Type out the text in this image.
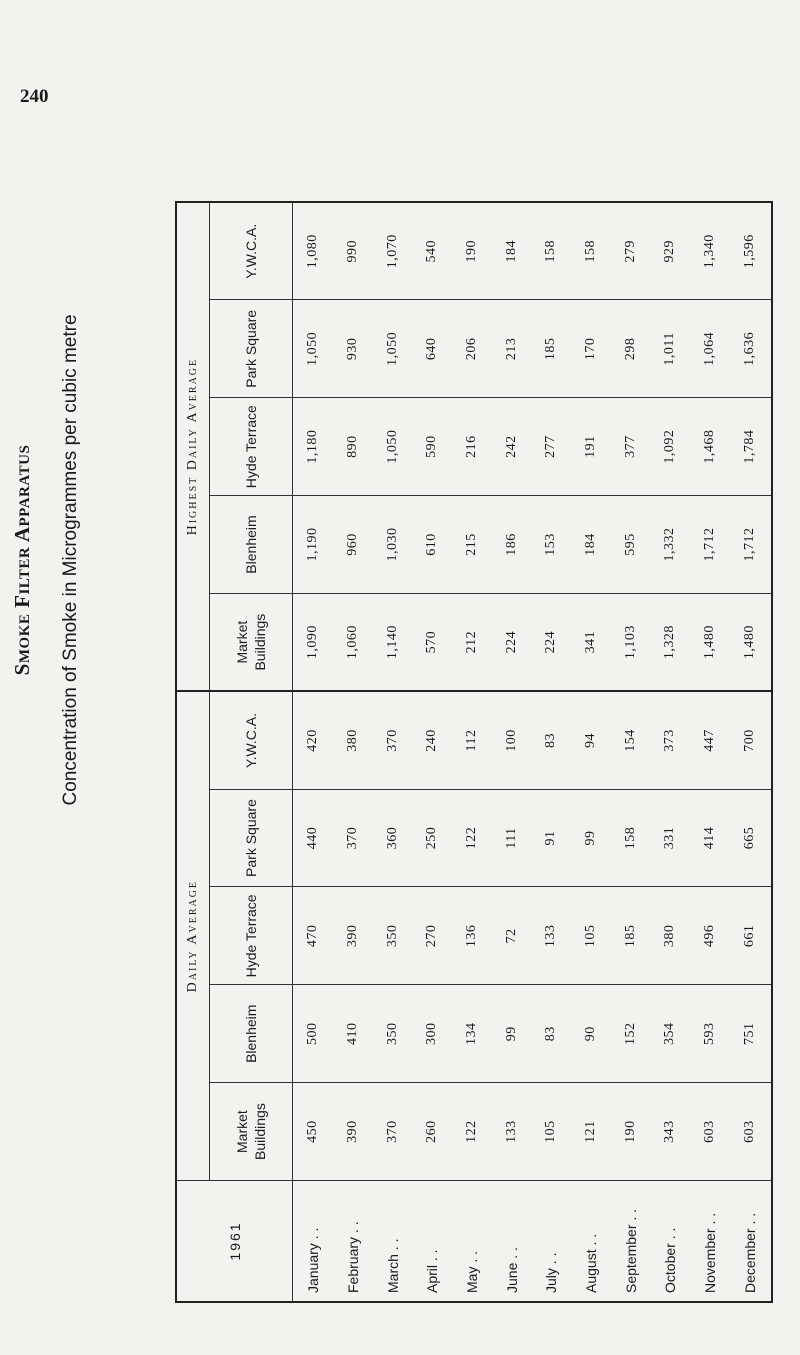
240
Smoke Filter Apparatus Concentration of Smoke in Microgrammes per cubic metre
1961	Daily Average					Highest Daily Average				
	Market Buildings	Blenheim	Hyde Terrace	Park Square	Y.W.C.A.	Market Buildings	Blenheim	Hyde Terrace	Park Square	Y.W.C.A.
January . .	450	500	470	440	420	1,090	1,190	1,180	1,050	1,080
February . .	390	410	390	370	380	1,060	960	890	930	990
March . .	370	350	350	360	370	1,140	1,030	1,050	1,050	1,070
April . .	260	300	270	250	240	570	610	590	640	540
May . .	122	134	136	122	112	212	215	216	206	190
June . .	133	99	72	111	100	224	186	242	213	184
July . .	105	83	133	91	83	224	153	277	185	158
August . .	121	90	105	99	94	341	184	191	170	158
September . .	190	152	185	158	154	1,103	595	377	298	279
October . .	343	354	380	331	373	1,328	1,332	1,092	1,011	929
November . .	603	593	496	414	447	1,480	1,712	1,468	1,064	1,340
December . .	603	751	661	665	700	1,480	1,712	1,784	1,636	1,596
